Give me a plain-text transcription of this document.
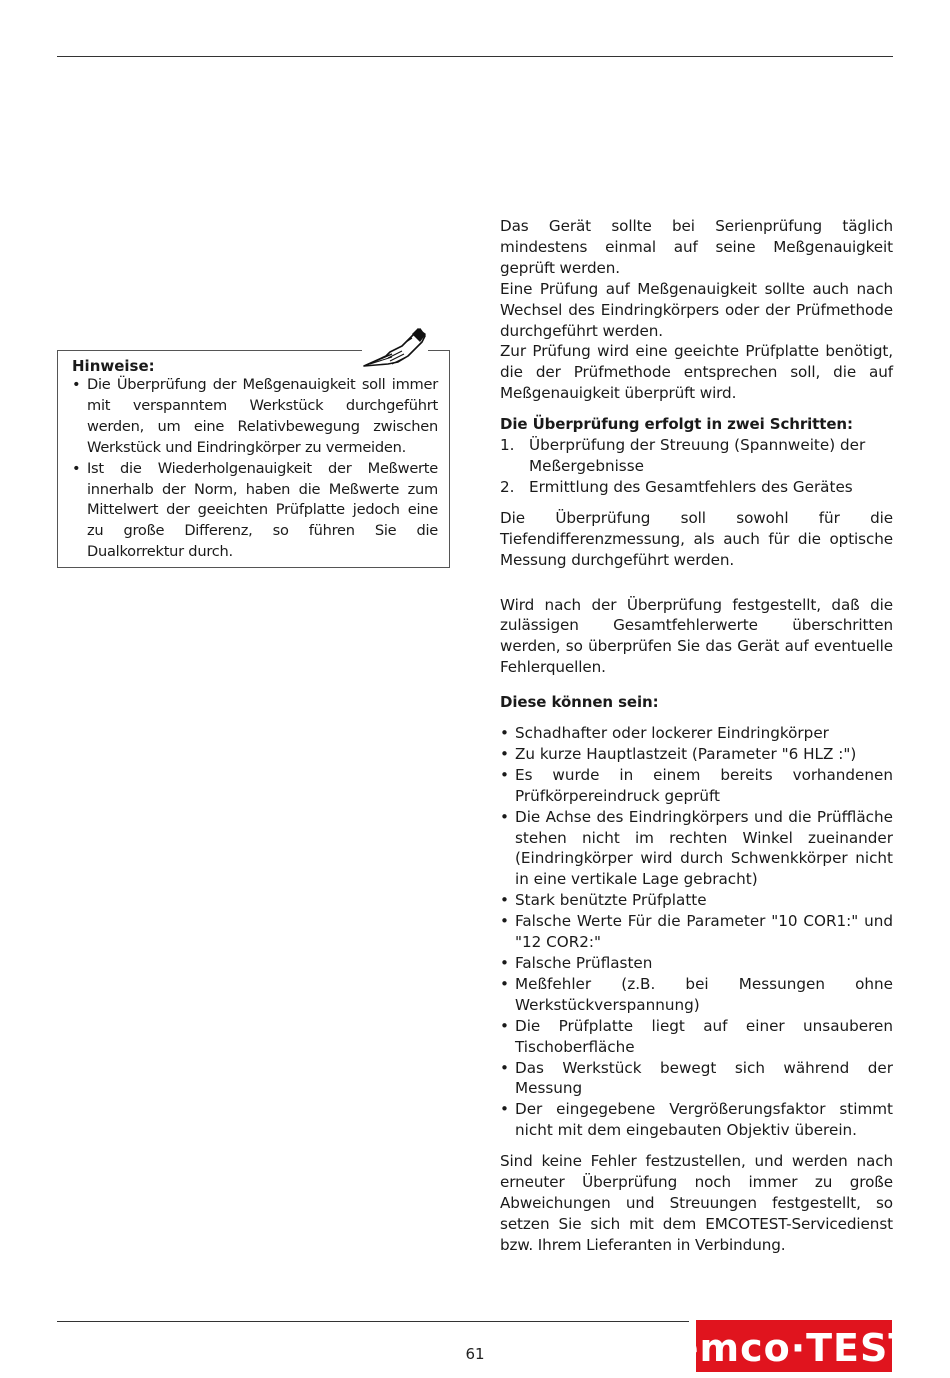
Hinweise:
• Die Überprüfung der Meßgenauigkeit soll immer mit verspanntem Werkstück durchgeführt werden, um eine Relativbewegung zwischen Werkstück und Eindringkörper zu vermeiden.
• Ist die Wiederholgenauigkeit der Meßwerte innerhalb der Norm, haben die Meßwerte zum Mittelwert der geeichten Prüfplatte jedoch eine zu große Differenz, so führen Sie die Dualkorrektur durch.

Das Gerät sollte bei Serienprüfung täglich mindestens einmal auf seine Meßgenauigkeit geprüft werden.

Eine Prüfung auf Meßgenauigkeit sollte auch nach Wechsel des Eindringkörpers oder der Prüfmethode durchgeführt werden.

Zur Prüfung wird eine geeichte Prüfplatte benötigt, die der Prüfmethode entsprechen soll, die auf Meßgenauigkeit überprüft wird.

Die Überprüfung erfolgt in zwei Schritten:

1. Überprüfung der Streuung (Spannweite) der Meßergebnisse
2. Ermittlung des Gesamtfehlers des Gerätes

Die Überprüfung soll sowohl für die Tiefendifferenzmessung, als auch für die optische Messung durchgeführt werden.

Wird nach der Überprüfung festgestellt, daß die zulässigen Gesamtfehlerwerte überschritten werden, so überprüfen Sie das Gerät auf eventuelle Fehlerquellen.

Diese können sein:

• Schadhafter oder lockerer Eindringkörper
• Zu kurze Hauptlastzeit (Parameter "6 HLZ :")
• Es wurde in einem bereits vorhandenen Prüfkörpereindruck geprüft
• Die Achse des Eindringkörpers und die Prüffläche stehen nicht im rechten Winkel zueinander (Eindringkörper wird durch Schwenkkörper nicht in eine vertikale Lage gebracht)
• Stark benützte Prüfplatte
• Falsche Werte Für die Parameter "10 COR1:" und "12 COR2:"
• Falsche Prüflasten
• Meßfehler (z.B. bei Messungen ohne Werkstückverspannung)
• Die Prüfplatte liegt auf einer unsauberen Tischoberfläche
• Das Werkstück bewegt sich während der Messung
• Der eingegebene Vergrößerungsfaktor stimmt nicht mit dem eingebauten Objektiv überein.

Sind keine Fehler festzustellen, und werden nach erneuter Überprüfung noch immer zu große Abweichungen und Streuungen festgestellt, so setzen Sie sich mit dem EMCOTEST-Servicedienst bzw. Ihrem Lieferanten in Verbindung.

61	emco·TEST
